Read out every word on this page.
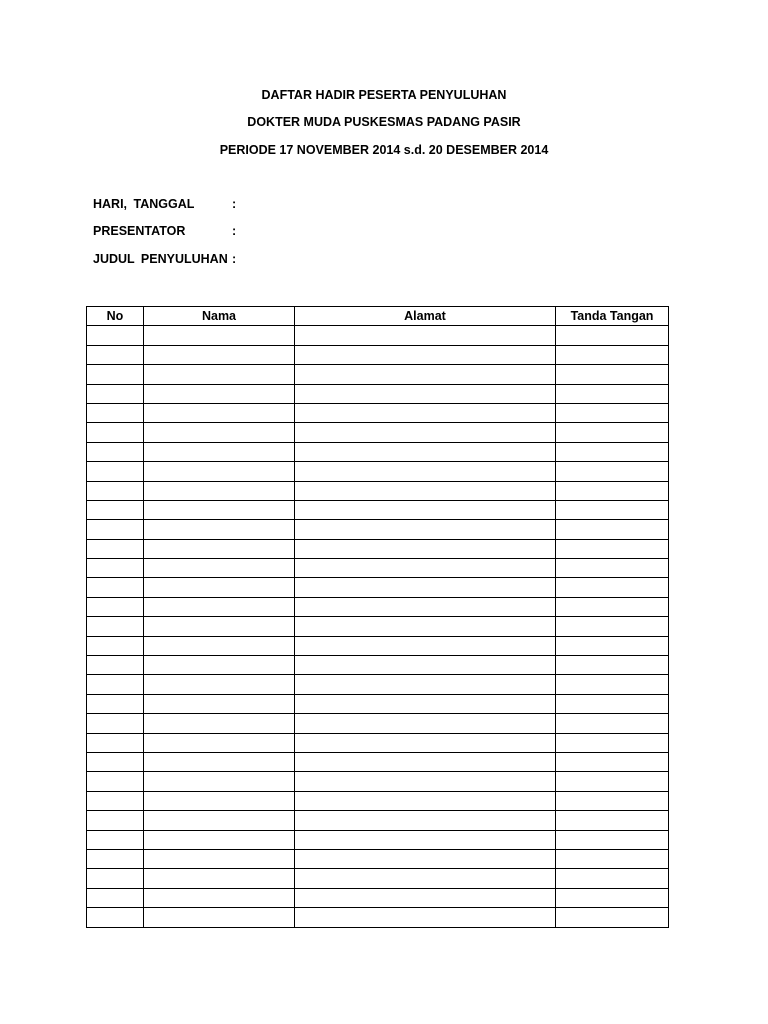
DAFTAR HADIR PESERTA PENYULUHAN
DOKTER MUDA PUSKESMAS PADANG PASIR
PERIODE 17 NOVEMBER 2014 s.d. 20 DESEMBER 2014
HARI, TANGGAL	:
PRESENTATOR	:
JUDUL PENYULUHAN :
No	Nama	Alamat	Tanda Tangan
